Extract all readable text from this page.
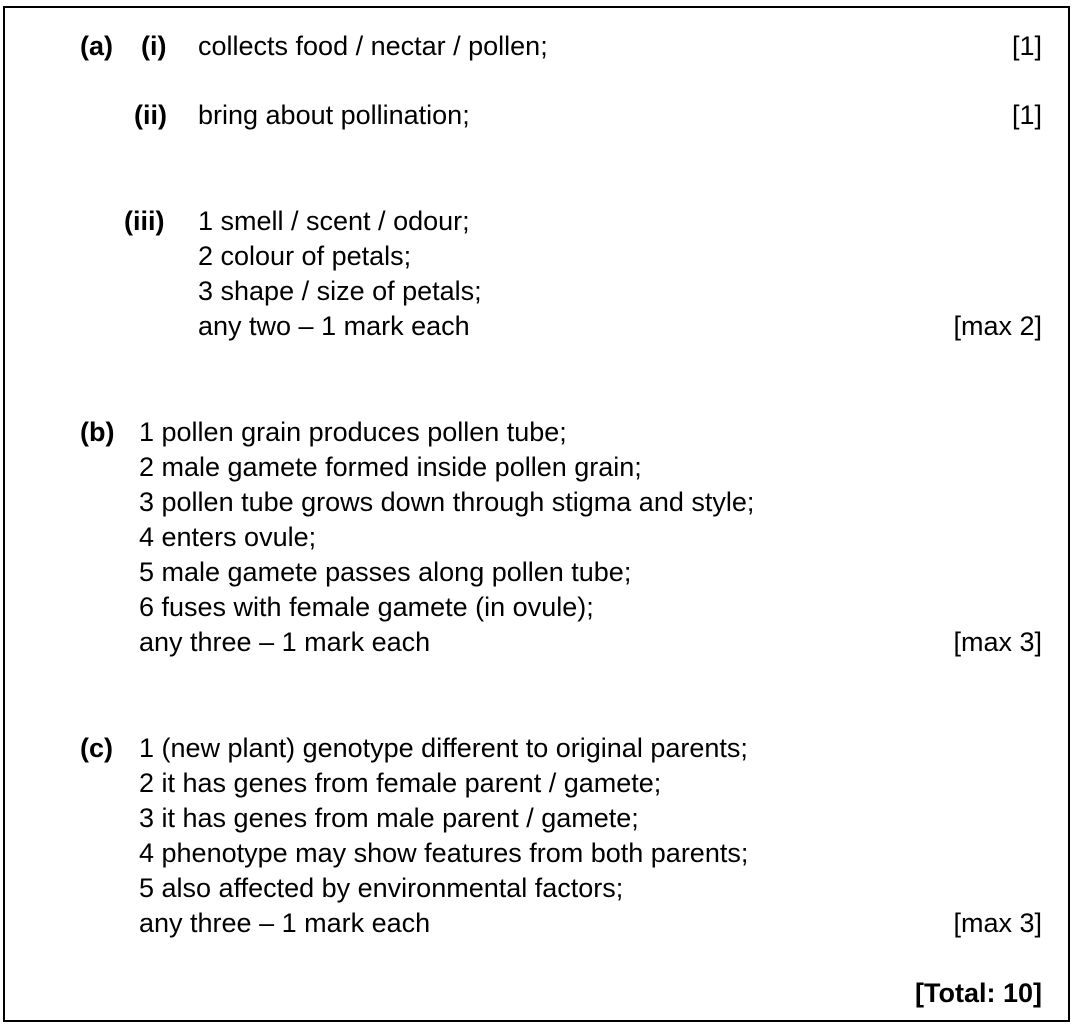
(a) (i) collects food / nectar / pollen;	[1]
(ii) bring about pollination;	[1]
(iii) 1 smell / scent / odour;
2 colour of petals;
3 shape / size of petals;
any two – 1 mark each	[max 2]
(b) 1 pollen grain produces pollen tube;
2 male gamete formed inside pollen grain;
3 pollen tube grows down through stigma and style;
4 enters ovule;
5 male gamete passes along pollen tube;
6 fuses with female gamete (in ovule);
any three – 1 mark each	[max 3]
(c) 1 (new plant) genotype different to original parents;
2 it has genes from female parent / gamete;
3 it has genes from male parent / gamete;
4 phenotype may show features from both parents;
5 also affected by environmental factors;
any three – 1 mark each	[max 3]
[Total: 10]
